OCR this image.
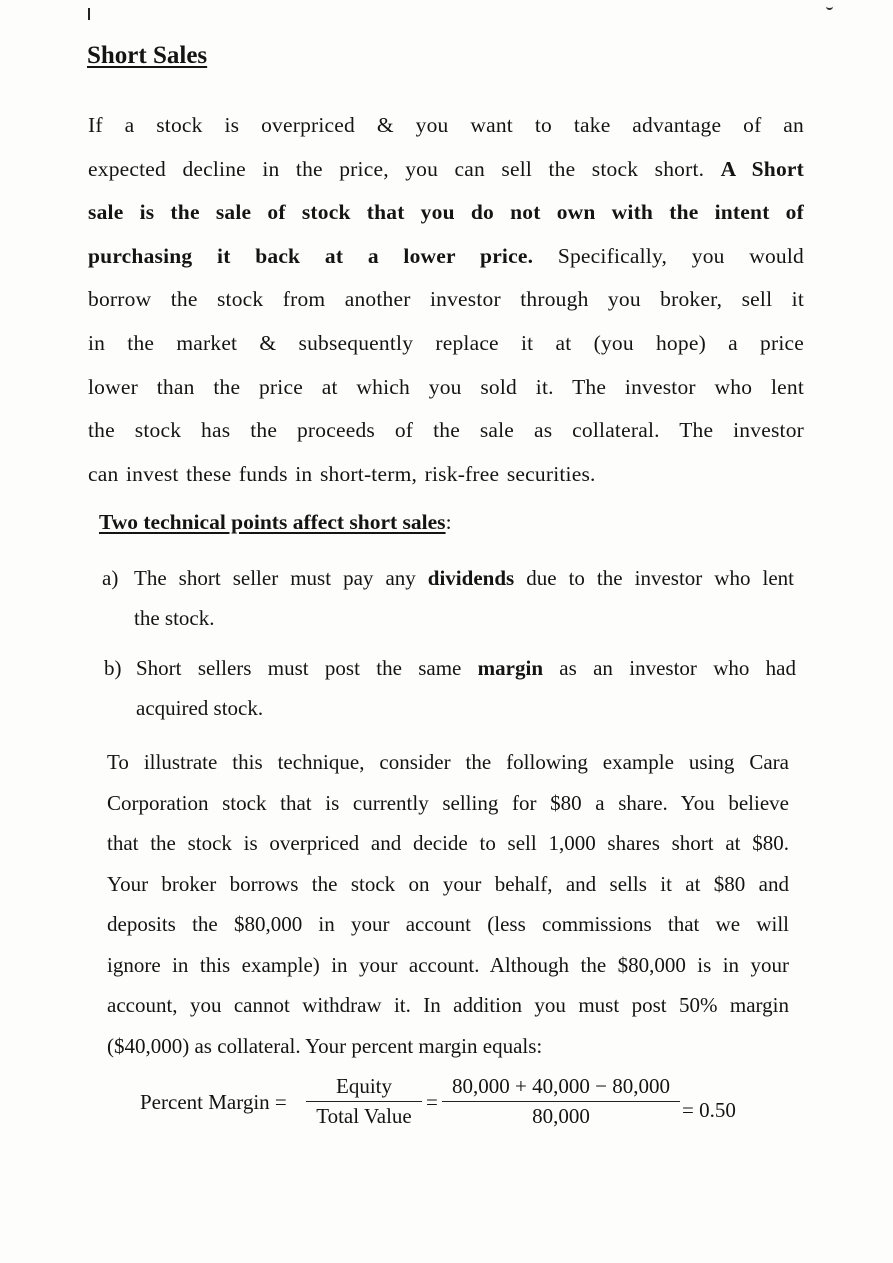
Short Sales
If a stock is overpriced & you want to take advantage of an
expected decline in the price, you can sell the stock short. A Short
sale is the sale of stock that you do not own with the intent of
purchasing it back at a lower price. Specifically, you would
borrow the stock from another investor through you broker, sell it
in the market & subsequently replace it at (you hope) a price
lower than the price at which you sold it. The investor who lent
the stock has the proceeds of the sale as collateral. The investor
can invest these funds in short-term, risk-free securities.
Two technical points affect short sales:
a) The short seller must pay any dividends due to the investor who lent
the stock.
b) Short sellers must post the same margin as an investor who had
acquired stock.
To illustrate this technique, consider the following example using Cara
Corporation stock that is currently selling for $80 a share. You believe
that the stock is overpriced and decide to sell 1,000 shares short at $80.
Your broker borrows the stock on your behalf, and sells it at $80 and
deposits the $80,000 in your account (less commissions that we will
ignore in this example) in your account. Although the $80,000 is in your
account, you cannot withdraw it. In addition you must post 50% margin
($40,000) as collateral. Your percent margin equals:
Percent Margin =
Equity
Total Value
=
80,000 + 40,000 − 80,000
80,000	= 0.50
